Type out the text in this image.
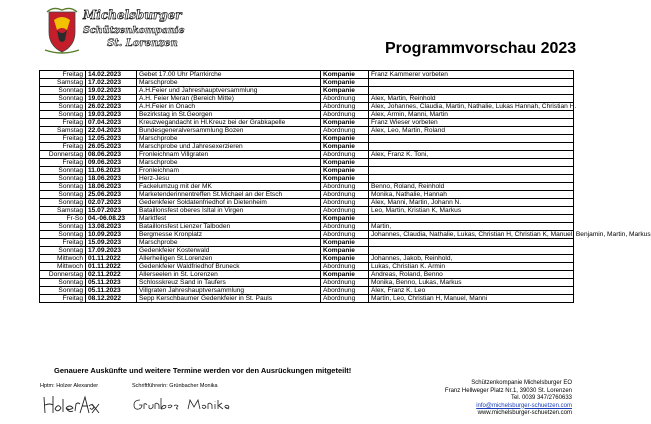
Michelsburger
Schützenkompanie
St. Lorenzen	Programmvorschau 2023
Freitag	14.02.2023	Gebet 17.00 Uhr Pfarrkirche	Kompanie	Franz Kammerer vorbeten
Samstag	17.02.2023	Marschprobe	Kompanie	
Sonntag	19.02.2023	A.H.Feier und Jahreshauptversammlung	Kompanie	
Sonntag	19.02.2023	A.H. Feier Meran (Bereich Mitte)	Abordnung	Alex, Martin, Reinhold
Sonntag	26.02.2023	A.H.Feier in Onach	Abordnung	Alex, Johannes, Claudia, Martin, Nathalie, Lukas Hannah, Christian H.
Sonntag	19.03.2023	Bezirkstag in St.Georgen	Abordnung	Alex, Armin, Manni, Martin
Freitag	07.04.2023	Kreuzwegandacht in Hl.Kreuz bei der Grabkapelle	Kompanie	Franz Wieser vorbeten
Samstag	22.04.2023	Bundesgeneralversammlung Bozen	Abordnung	Alex, Leo, Martin, Roland
Freitag	12.05.2023	Marschprobe	Kompanie	
Freitag	26.05.2023	Marschprobe und Jahresexerzieren	Kompanie	
Donnerstag	08.06.2023	Fronleichnam Villgraten	Abordnung	Alex, Franz K. Toni,
Freitag	09.06.2023	Marschprobe	Kompanie	
Sonntag	11.06.2023	Fronleichnam	Kompanie	
Sonntag	18.06.2023	Herz-Jesu	Kompanie	
Sonntag	18.06.2023	Fackelumzug mit der MK	Abordnung	Benno, Roland, Reinhold
Sonntag	25.06.2023	Marketenderinnentreffen St.Michael an der Etsch	Abordnung	Monika, Nathalie, Hannah
Sonntag	02.07.2023	Gedenkfeier Soldatenfriedhof in Dietenheim	Abordnung	Alex, Manni, Martin, Johann N.
Samstag	15.07.2023	Bataillonsfest oberes Isltal in Virgen	Abordnung	Leo, Martin, Kristian K, Markus
Fr-So	04.-06.08.23	Marktfest	Kompanie	
Sonntag	13.08.2023	Bataillonsfest Lienzer Talboden	Abordnung	Martin,
Sonntag	10.09.2023	Bergmesse Kronplatz	Abordnung	Johannes, Claudia, Nathalie, Lukas, Christian H, Christian K, Manuel, Benjamin, Martin, Markus
Freitag	15.09.2023	Marschprobe	Kompanie	
Sonntag	17.09.2023	Gedenkfeier Kosterwald	Kompanie	
Mittwoch	01.11.2022	Allerheiligen St.Lorenzen	Kompanie	Johannes, Jakob, Reinhold,
Mittwoch	01.11.2022	Gedenkfeier Waldfriedhof Bruneck	Abordnung	Lukas, Christian K. Armin
Donnerstag	02.11.2022	Allerseelen in St. Lorenzen	Kompanie	Andreas, Roland, Benno
Sonntag	05.11.2023	Schlosskreuz Sand in Taufers	Abordnung	Monika, Benno, Lukas, Markus
Sonntag	05.11.2023	Villgraten Jahreshauptversammlung	Abordnung	Alex, Franz K. Leo
Freitag	08.12.2022	Sepp Kerschbaumer Gedenkfeier in St. Pauls	Abordnung	Martin, Leo, Christian H, Manuel, Manni
Genauere Auskünfte und weitere Termine werden vor den Ausrückungen mitgeteilt!
Hptm: Holzer Alexander	Schriftführerin: Grünbacher Monika	Schützenkompanie Michelsburger EO
Franz Hellweger Platz Nr.1, 39030 St. Lorenzen
Tel. 0039 347/2760633
info@michelsburger-schuetzen.com
www.michelsburger-schuetzen.com
